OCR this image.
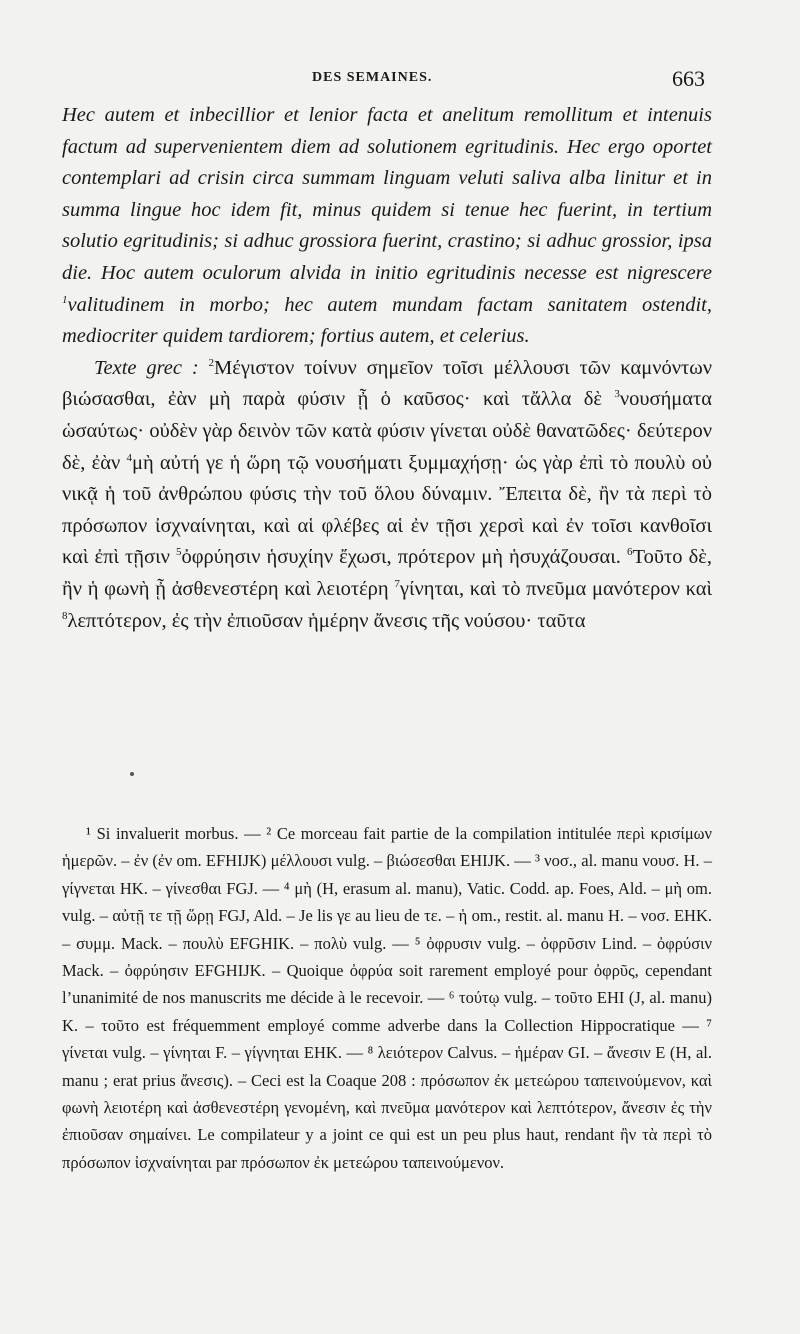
DES SEMAINES.	663

Hec autem et inbecillior et lenior facta et anelitum remollitum et intenuis factum ad supervenientem diem ad solutionem egritudinis. Hec ergo oportet contemplari ad crisin circa summam linguam veluti saliva alba linitur et in summa lingue hoc idem fit, minus quidem si tenue hec fuerint, in tertium solutio egritudinis; si adhuc grossiora fuerint, crastino; si adhuc grossior, ipsa die. Hoc autem oculorum alvida in initio egritudinis necesse est nigrescere $^1$valitudinem in morbo; hec autem mundam factam sanitatem ostendit, mediocriter quidem tardiorem; fortius autem, et celerius.

Texte grec : $^2$Μέγιστον τοίνυν σημεῖον τοῖσι μέλλουσι τῶν καμνόντων βιώσασθαι, ἐὰν μὴ παρὰ φύσιν ᾖ ὁ καῦσος· καὶ τἄλλα δὲ $^3$νουσήματα ὡσαύτως· οὐδὲν γὰρ δεινὸν τῶν κατὰ φύσιν γίνεται οὐδὲ θανατῶδες· δεύτερον δὲ, ἐὰν $^4$μὴ αὐτή γε ἡ ὥρη τῷ νουσήματι ξυμμαχήσῃ· ὡς γὰρ ἐπὶ τὸ πουλὺ οὐ νικᾷ ἡ τοῦ ἀνθρώπου φύσις τὴν τοῦ ὅλου δύναμιν. Ἔπειτα δὲ, ἢν τὰ περὶ τὸ πρόσωπον ἰσχναίνηται, καὶ αἱ φλέβες αἱ ἐν τῇσι χερσὶ καὶ ἐν τοῖσι κανθοῖσι καὶ ἐπὶ τῇσιν $^5$ὀφρύησιν ἡσυχίην ἔχωσι, πρότερον μὴ ἡσυχάζουσαι. $^6$Τοῦτο δὲ, ἢν ἡ φωνὴ ᾖ ἀσθενεστέρη καὶ λειοτέρη $^7$γίνηται, καὶ τὸ πνεῦμα μανότερον καὶ $^8$λεπτότερον, ἐς τὴν ἐπιοῦσαν ἡμέρην ἄνεσις τῆς νούσου· ταῦτα

¹ Si invaluerit morbus. — ² Ce morceau fait partie de la compilation intitulée περὶ κρισίμων ἡμερῶν. – ἐν (ἐν om. EFHIJK) μέλλουσι vulg. – βιώσεσθαι EHIJK. — ³ νοσ., al. manu νουσ. H. – γίγνεται HK. – γίνεσθαι FGJ. — ⁴ μὴ (H, erasum al. manu), Vatic. Codd. ap. Foes, Ald. – μὴ om. vulg. – αὐτῇ τε τῇ ὥρῃ FGJ, Ald. – Je lis γε au lieu de τε. – ἡ om., restit. al. manu H. – νοσ. EHK. – συμμ. Mack. – πουλὺ EFGHIK. – πολὺ vulg. — ⁵ ὀφρυσιν vulg. – ὀφρῦσιν Lind. – ὀφρύσιν Mack. – ὀφρύησιν EFGHIJK. – Quoique ὀφρύα soit rarement employé pour ὀφρῦς, cependant l’unanimité de nos manuscrits me décide à le recevoir. — ⁶ τούτῳ vulg. – τοῦτο EHI (J, al. manu) K. – τοῦτο est fréquemment employé comme adverbe dans la Collection Hippocratique — ⁷ γίνεται vulg. – γίνηται F. – γίγνηται EHK. — ⁸ λειότερον Calvus. – ἡμέραν GI. – ἄνεσιν E (H, al. manu ; erat prius ἄνεσις). – Ceci est la Coaque 208 : πρόσωπον ἐκ μετεώρου ταπεινούμενον, καὶ φωνὴ λειοτέρη καὶ ἀσθενεστέρη γενομένη, καὶ πνεῦμα μανότερον καὶ λεπτότερον, ἄνεσιν ἐς τὴν ἐπιοῦσαν σημαίνει. Le compilateur y a joint ce qui est un peu plus haut, rendant ἢν τὰ περὶ τὸ πρόσωπον ἰσχναίνηται par πρόσωπον ἐκ μετεώρου ταπεινούμενον.
